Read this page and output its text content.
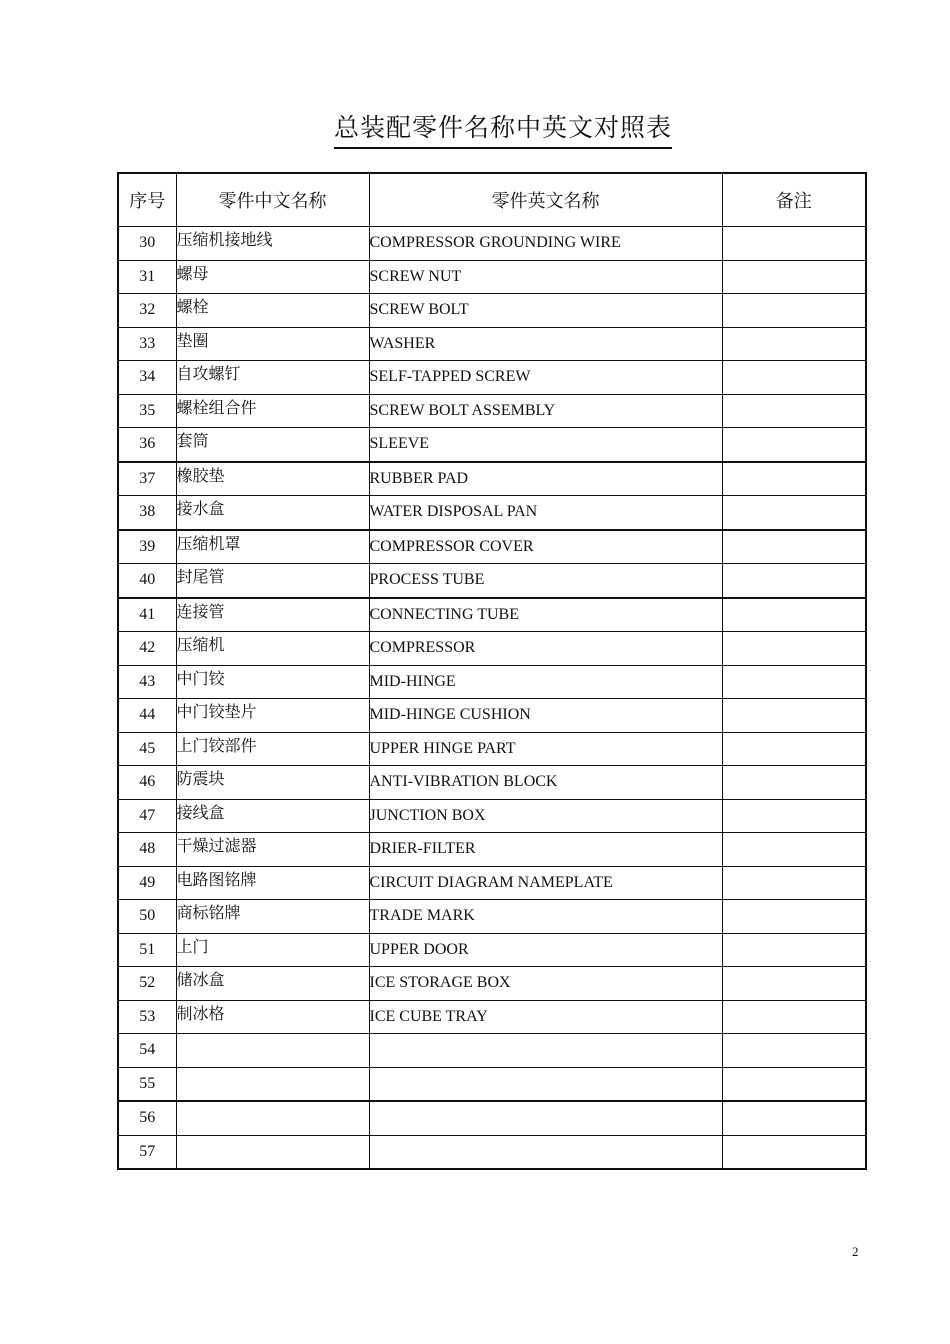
总装配零件名称中英文对照表
序号	零件中文名称	零件英文名称	备注
30	压缩机接地线	COMPRESSOR GROUNDING WIRE	
31	螺母	SCREW NUT	
32	螺栓	SCREW BOLT	
33	垫圈	WASHER	
34	自攻螺钉	SELF-TAPPED SCREW	
35	螺栓组合件	SCREW BOLT ASSEMBLY	
36	套筒	SLEEVE	
37	橡胶垫	RUBBER PAD	
38	接水盒	WATER DISPOSAL PAN	
39	压缩机罩	COMPRESSOR COVER	
40	封尾管	PROCESS TUBE	
41	连接管	CONNECTING TUBE	
42	压缩机	COMPRESSOR	
43	中门铰	MID-HINGE	
44	中门铰垫片	MID-HINGE CUSHION	
45	上门铰部件	UPPER HINGE PART	
46	防震块	ANTI-VIBRATION BLOCK	
47	接线盒	JUNCTION BOX	
48	干燥过滤器	DRIER-FILTER	
49	电路图铭牌	CIRCUIT DIAGRAM NAMEPLATE	
50	商标铭牌	TRADE MARK	
51	上门	UPPER DOOR	
52	储冰盒	ICE STORAGE BOX	
53	制冰格	ICE CUBE TRAY	
54			
55			
56			
57			
2
